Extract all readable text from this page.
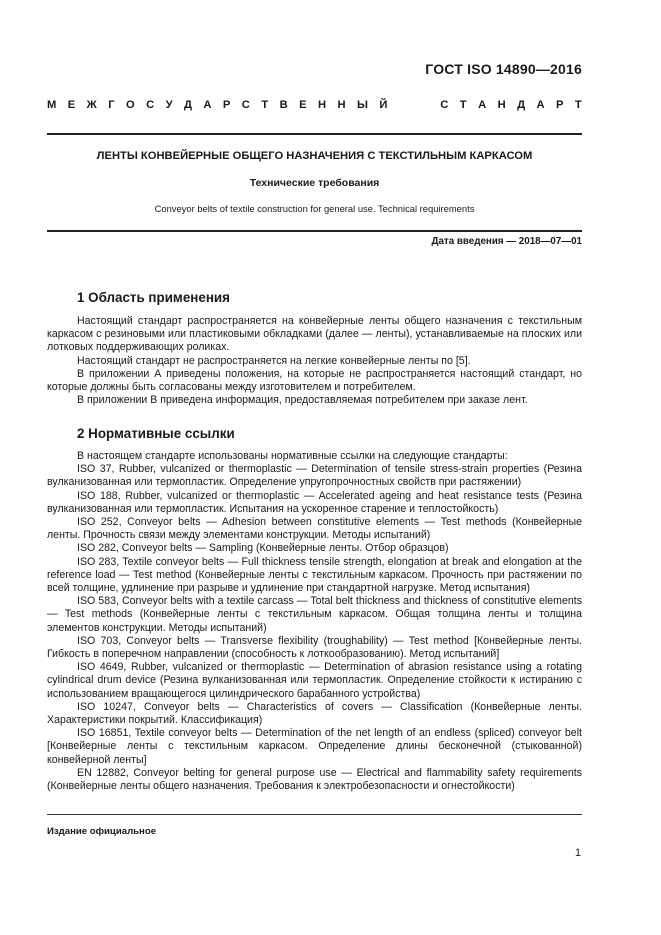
ГОСТ ISO 14890—2016
М Е Ж Г О С У Д А Р С Т В Е Н Н Ы Й	С Т А Н Д А Р Т
ЛЕНТЫ КОНВЕЙЕРНЫЕ ОБЩЕГО НАЗНАЧЕНИЯ С ТЕКСТИЛЬНЫМ КАРКАСОМ
Технические требования
Conveyor belts of textile construction for general use. Technical requirements
Дата введения — 2018—07—01
1 Область применения

Настоящий стандарт распространяется на конвейерные ленты общего назначения с текстильным каркасом с резиновыми или пластиковыми обкладками (далее — ленты), устанавливаемые на плоских или лотковых поддерживающих роликах.

Настоящий стандарт не распространяется на легкие конвейерные ленты по [5].

В приложении А приведены положения, на которые не распространяется настоящий стандарт, но которые должны быть согласованы между изготовителем и потребителем.

В приложении В приведена информация, предоставляемая потребителем при заказе лент.

2 Нормативные ссылки

В настоящем стандарте использованы нормативные ссылки на следующие стандарты:

ISO 37, Rubber, vulcanized or thermoplastic — Determination of tensile stress-strain properties (Резина вулканизованная или термопластик. Определение упругопрочностных свойств при растяжении)

ISO 188, Rubber, vulcanized or thermoplastic — Accelerated ageing and heat resistance tests (Резина вулканизованная или термопластик. Испытания на ускоренное старение и теплостойкость)

ISO 252, Conveyor belts — Adhesion between constitutive elements — Test methods (Конвейерные ленты. Прочность связи между элементами конструкции. Методы испытаний)

ISO 282, Conveyor belts — Sampling (Конвейерные ленты. Отбор образцов)

ISO 283, Textile conveyor belts — Full thickness tensile strength, elongation at break and elongation at the reference load — Test method (Конвейерные ленты с текстильным каркасом. Прочность при растяжении по всей толщине, удлинение при разрыве и удлинение при стандартной нагрузке. Метод испытания)

ISO 583, Conveyor belts with a textile carcass — Total belt thickness and thickness of constitutive elements — Test methods (Конвейерные ленты с текстильным каркасом. Общая толщина ленты и толщина элементов конструкции. Методы испытаний)

ISO 703, Conveyor belts — Transverse flexibility (troughability) — Test method [Конвейерные ленты. Гибкость в поперечном направлении (способность к лоткообразованию). Метод испытаний]

ISO 4649, Rubber, vulcanized or thermoplastic — Determination of abrasion resistance using a rotating cylindrical drum device (Резина вулканизованная или термопластик. Определение стойкости к истиранию с использованием вращающегося цилиндрического барабанного устройства)

ISO 10247, Conveyor belts — Characteristics of covers — Classification (Конвейерные ленты. Характеристики покрытий. Классификация)

ISO 16851, Textile conveyor belts — Determination of the net length of an endless (spliced) conveyor belt [Конвейерные ленты с текстильным каркасом. Определение длины бесконечной (стыкованной) конвейерной ленты]

EN 12882, Conveyor belting for general purpose use — Electrical and flammability safety requirements (Конвейерные ленты общего назначения. Требования к электробезопасности и огнестойкости)

Издание официальное
1
